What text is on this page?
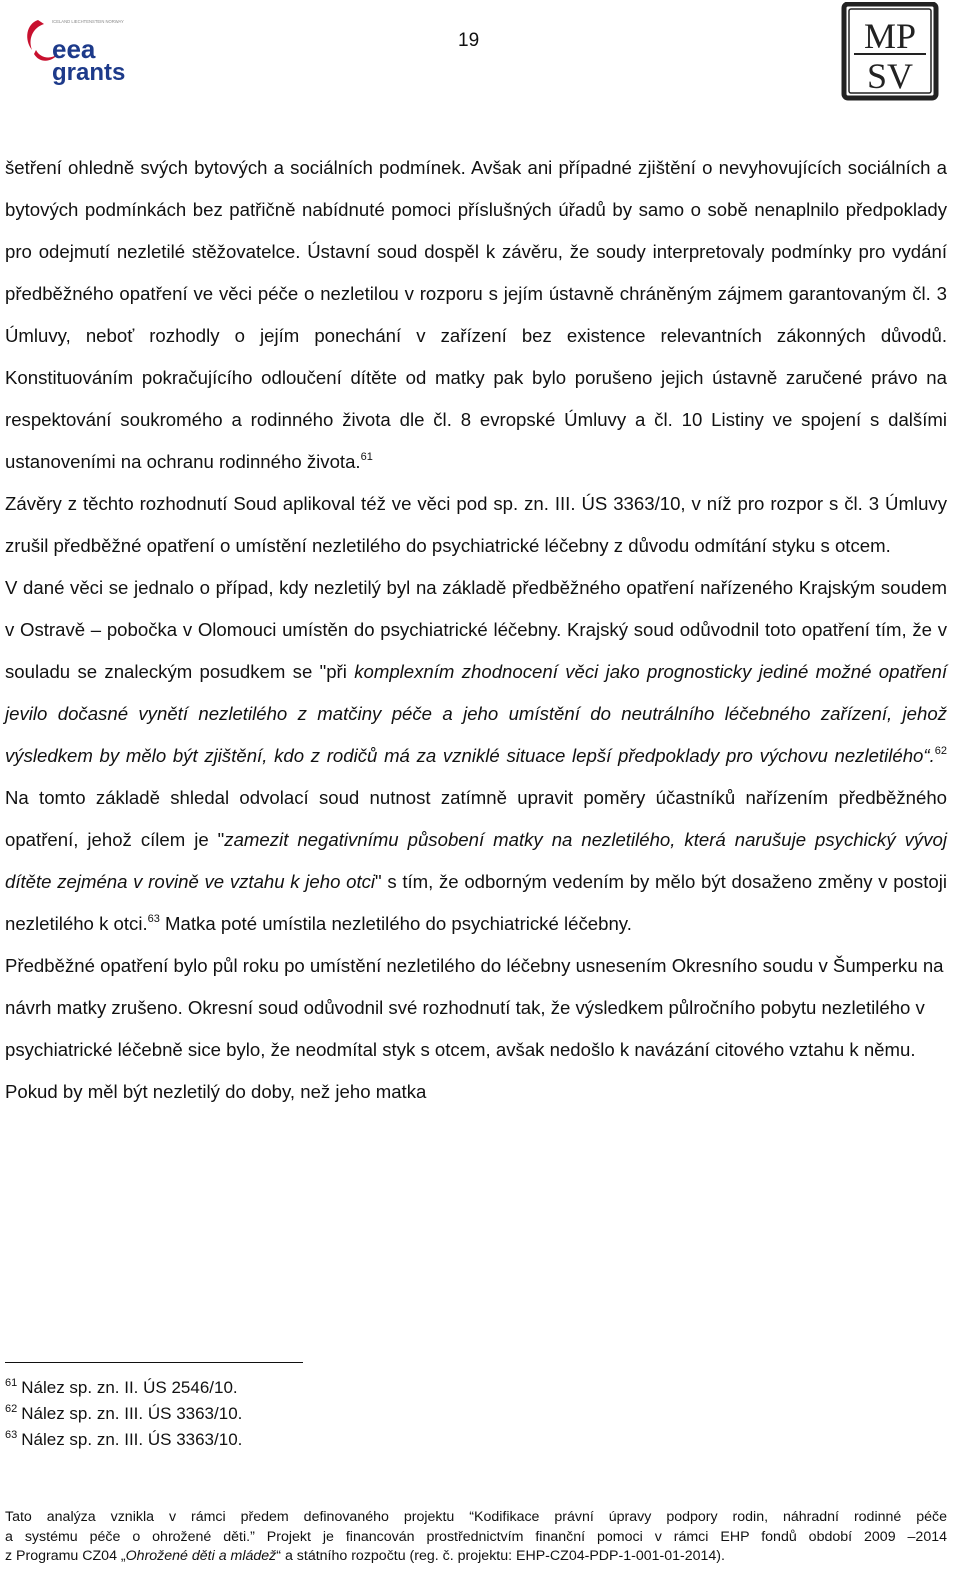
ICELAND LIECHTENSTEIN NORWAY
eea
grants
19	MP
SV

šetření ohledně svých bytových a sociálních podmínek. Avšak ani případné zjištění o nevyhovujících sociálních a bytových podmínkách bez patřičně nabídnuté pomoci příslušných úřadů by samo o sobě nenaplnilo předpoklady pro odejmutí nezletilé stěžovatelce. Ústavní soud dospěl k závěru, že soudy interpretovaly podmínky pro vydání předběžného opatření ve věci péče o nezletilou v rozporu s jejím ústavně chráněným zájmem garantovaným čl. 3 Úmluvy, neboť rozhodly o jejím ponechání v zařízení bez existence relevantních zákonných důvodů. Konstituováním pokračujícího odloučení dítěte od matky pak bylo porušeno jejich ústavně zaručené právo na respektování soukromého a rodinného života dle čl. 8 evropské Úmluvy a čl. 10 Listiny ve spojení s dalšími ustanoveními na ochranu rodinného života.$^{61}$

Závěry z těchto rozhodnutí Soud aplikoval též ve věci pod sp. zn. III. ÚS 3363/10, v níž pro rozpor s čl. 3 Úmluvy zrušil předběžné opatření o umístění nezletilého do psychiatrické léčebny z důvodu odmítání styku s otcem.

V dané věci se jednalo o případ, kdy nezletilý byl na základě předběžného opatření nařízeného Krajským soudem v Ostravě – pobočka v Olomouci umístěn do psychiatrické léčebny. Krajský soud odůvodnil toto opatření tím, že v souladu se znaleckým posudkem se "při komplexním zhodnocení věci jako prognosticky jediné možné opatření jevilo dočasné vynětí nezletilého z matčiny péče a jeho umístění do neutrálního léčebného zařízení, jehož výsledkem by mělo být zjištění, kdo z rodičů má za vzniklé situace lepší předpoklady pro výchovu nezletilého“.$^{62}$ Na tomto základě shledal odvolací soud nutnost zatímně upravit poměry účastníků nařízením předběžného opatření, jehož cílem je "zamezit negativnímu působení matky na nezletilého, která narušuje psychický vývoj dítěte zejména v rovině ve vztahu k jeho otci" s tím, že odborným vedením by mělo být dosaženo změny v postoji nezletilého k otci.$^{63}$ Matka poté umístila nezletilého do psychiatrické léčebny.

Předběžné opatření bylo půl roku po umístění nezletilého do léčebny usnesením Okresního soudu v Šumperku na návrh matky zrušeno. Okresní soud odůvodnil své rozhodnutí tak, že výsledkem půlročního pobytu nezletilého v psychiatrické léčebně sice bylo, že neodmítal styk s otcem, avšak nedošlo k navázání citového vztahu k němu. Pokud by měl být nezletilý do doby, než jeho matka

$^{61}$ Nález sp. zn. II. ÚS 2546/10.
$^{62}$ Nález sp. zn. III. ÚS 3363/10.
$^{63}$ Nález sp. zn. III. ÚS 3363/10.

Tato analýza vznikla v rámci předem definovaného projektu “Kodifikace právní úpravy podpory rodin, náhradní rodinné péče

a systému péče o ohrožené děti.” Projekt je financován prostřednictvím finanční pomoci v rámci EHP fondů období 2009 –2014

z Programu CZ04 „Ohrožené děti a mládež“ a státního rozpočtu (reg. č. projektu: EHP-CZ04-PDP-1-001-01-2014).
